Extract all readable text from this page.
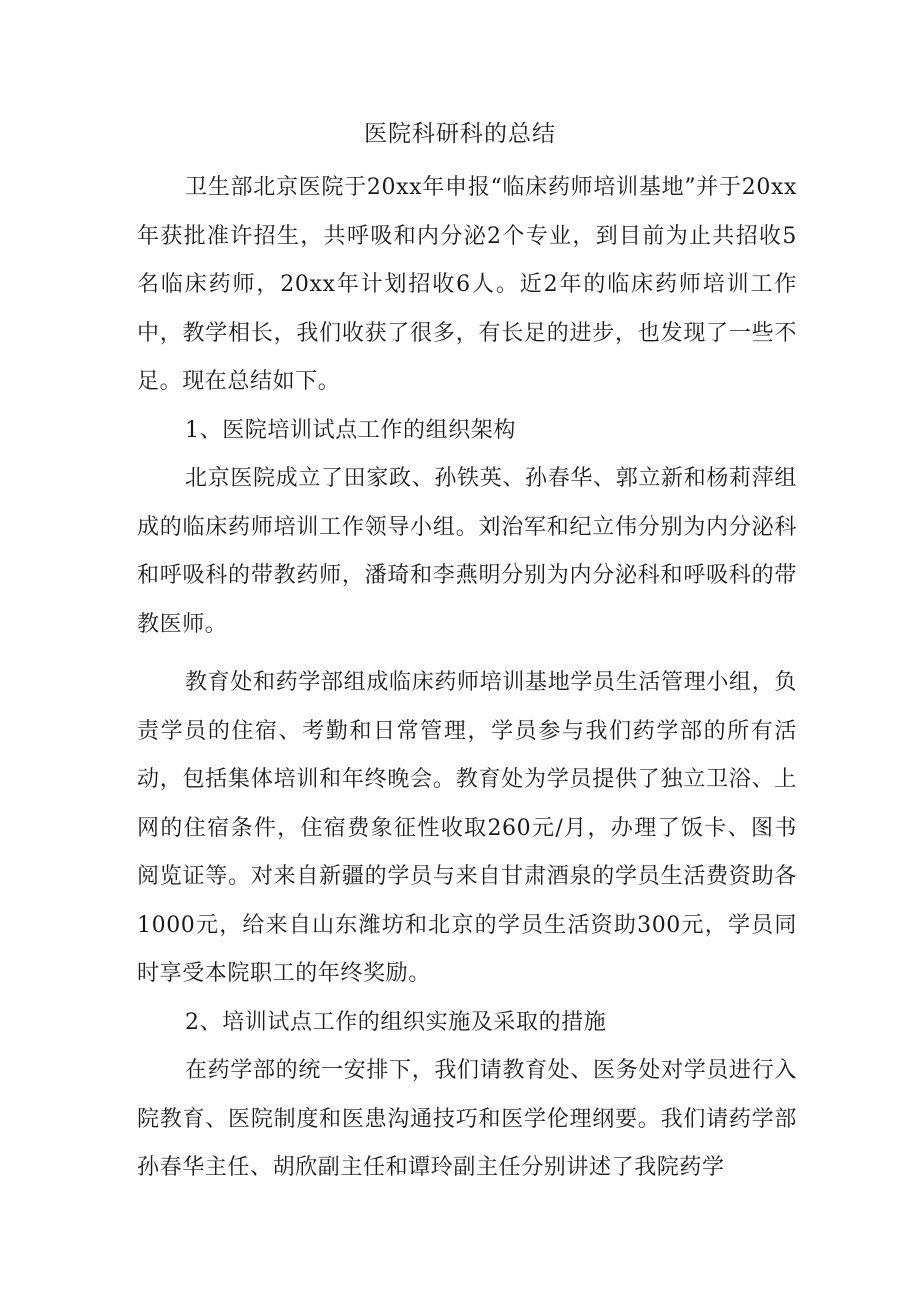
医院科研科的总结

卫生部北京医院于20xx年申报“临床药师培训基地”并于20xx年获批准许招生，共呼吸和内分泌2个专业，到目前为止共招收5名临床药师，20xx年计划招收6人。近2年的临床药师培训工作中，教学相长，我们收获了很多，有长足的进步，也发现了一些不足。现在总结如下。

1、医院培训试点工作的组织架构

北京医院成立了田家政、孙铁英、孙春华、郭立新和杨莉萍组成的临床药师培训工作领导小组。刘治军和纪立伟分别为内分泌科和呼吸科的带教药师，潘琦和李燕明分别为内分泌科和呼吸科的带教医师。

教育处和药学部组成临床药师培训基地学员生活管理小组，负责学员的住宿、考勤和日常管理，学员参与我们药学部的所有活动，包括集体培训和年终晚会。教育处为学员提供了独立卫浴、上网的住宿条件，住宿费象征性收取260元/月，办理了饭卡、图书阅览证等。对来自新疆的学员与来自甘肃酒泉的学员生活费资助各1000元，给来自山东潍坊和北京的学员生活资助300元，学员同时享受本院职工的年终奖励。

2、培训试点工作的组织实施及采取的措施

在药学部的统一安排下，我们请教育处、医务处对学员进行入院教育、医院制度和医患沟通技巧和医学伦理纲要。我们请药学部孙春华主任、胡欣副主任和谭玲副主任分别讲述了我院药学
